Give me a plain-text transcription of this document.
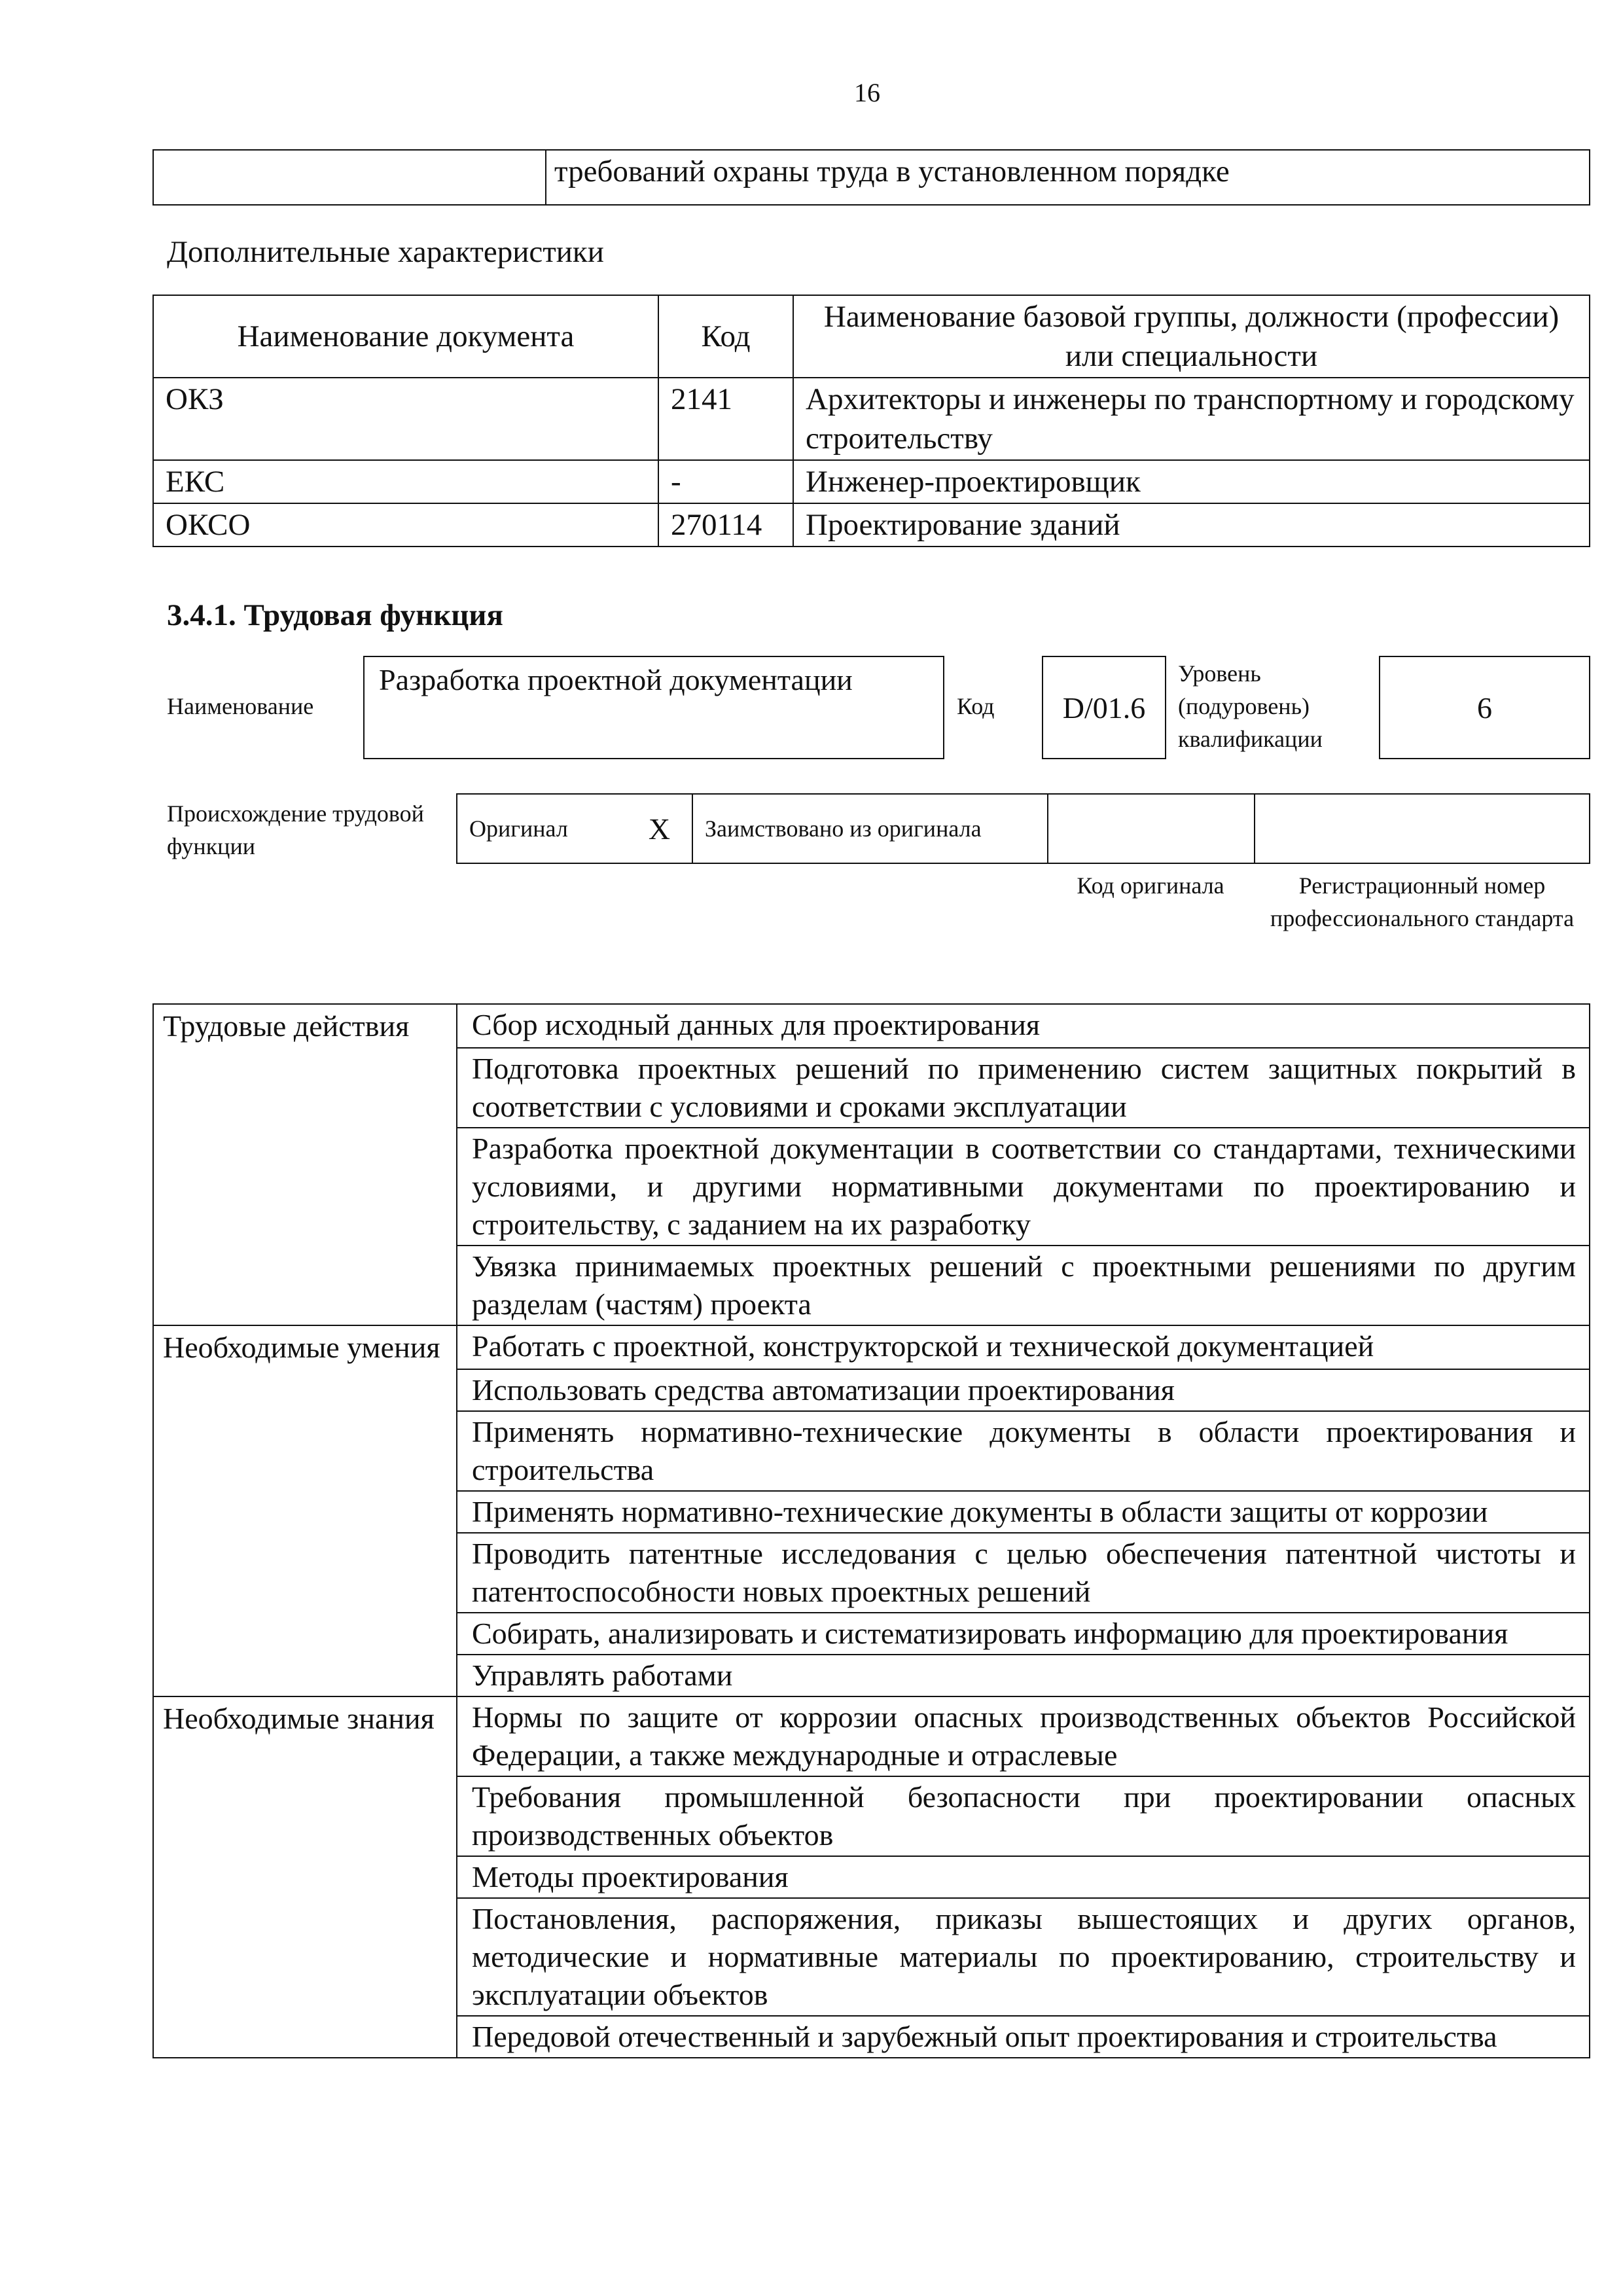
16
	требований охраны труда в установленном порядке
Дополнительные характеристики
Наименование документа	Код	Наименование базовой группы, должности (профессии) или специальности
ОКЗ	2141	Архитекторы и инженеры по транспортному и городскому строительству
ЕКС	-	Инженер-проектировщик
ОКСО	270114	Проектирование зданий
3.4.1. Трудовая функция
Наименование
Разработка проектной документации
Код	D/01.6
Уровень (подуровень) квалификации
6
Происхождение трудовой функции
Оригинал	X	Заимствовано из оригинала		
Код оригинала	Регистрационный номер профессионального стандарта
Трудовые действия	Сбор исходный данных для проектирования
	Подготовка проектных решений по применению систем защитных покрытий в соответствии с условиями и сроками эксплуатации
	Разработка проектной документации в соответствии со стандартами, техническими условиями, и другими нормативными документами по проектированию и строительству, с заданием на их разработку
	Увязка принимаемых проектных решений с проектными решениями по другим разделам (частям) проекта
Необходимые умения	Работать с проектной, конструкторской и технической документацией
	Использовать средства автоматизации проектирования
	Применять нормативно-технические документы в области проектирования и строительства
	Применять нормативно-технические документы в области защиты от коррозии
	Проводить патентные исследования с целью обеспечения патентной чистоты и патентоспособности новых проектных решений
	Собирать, анализировать и систематизировать информацию для проектирования
	Управлять работами
Необходимые знания	Нормы по защите от коррозии опасных производственных объектов Российской Федерации, а также международные и отраслевые
	Требования промышленной безопасности при проектировании опасных производственных объектов
	Методы проектирования
	Постановления, распоряжения, приказы вышестоящих и других органов, методические и нормативные материалы по проектированию, строительству и эксплуатации объектов
	Передовой отечественный и зарубежный опыт проектирования и строительства
